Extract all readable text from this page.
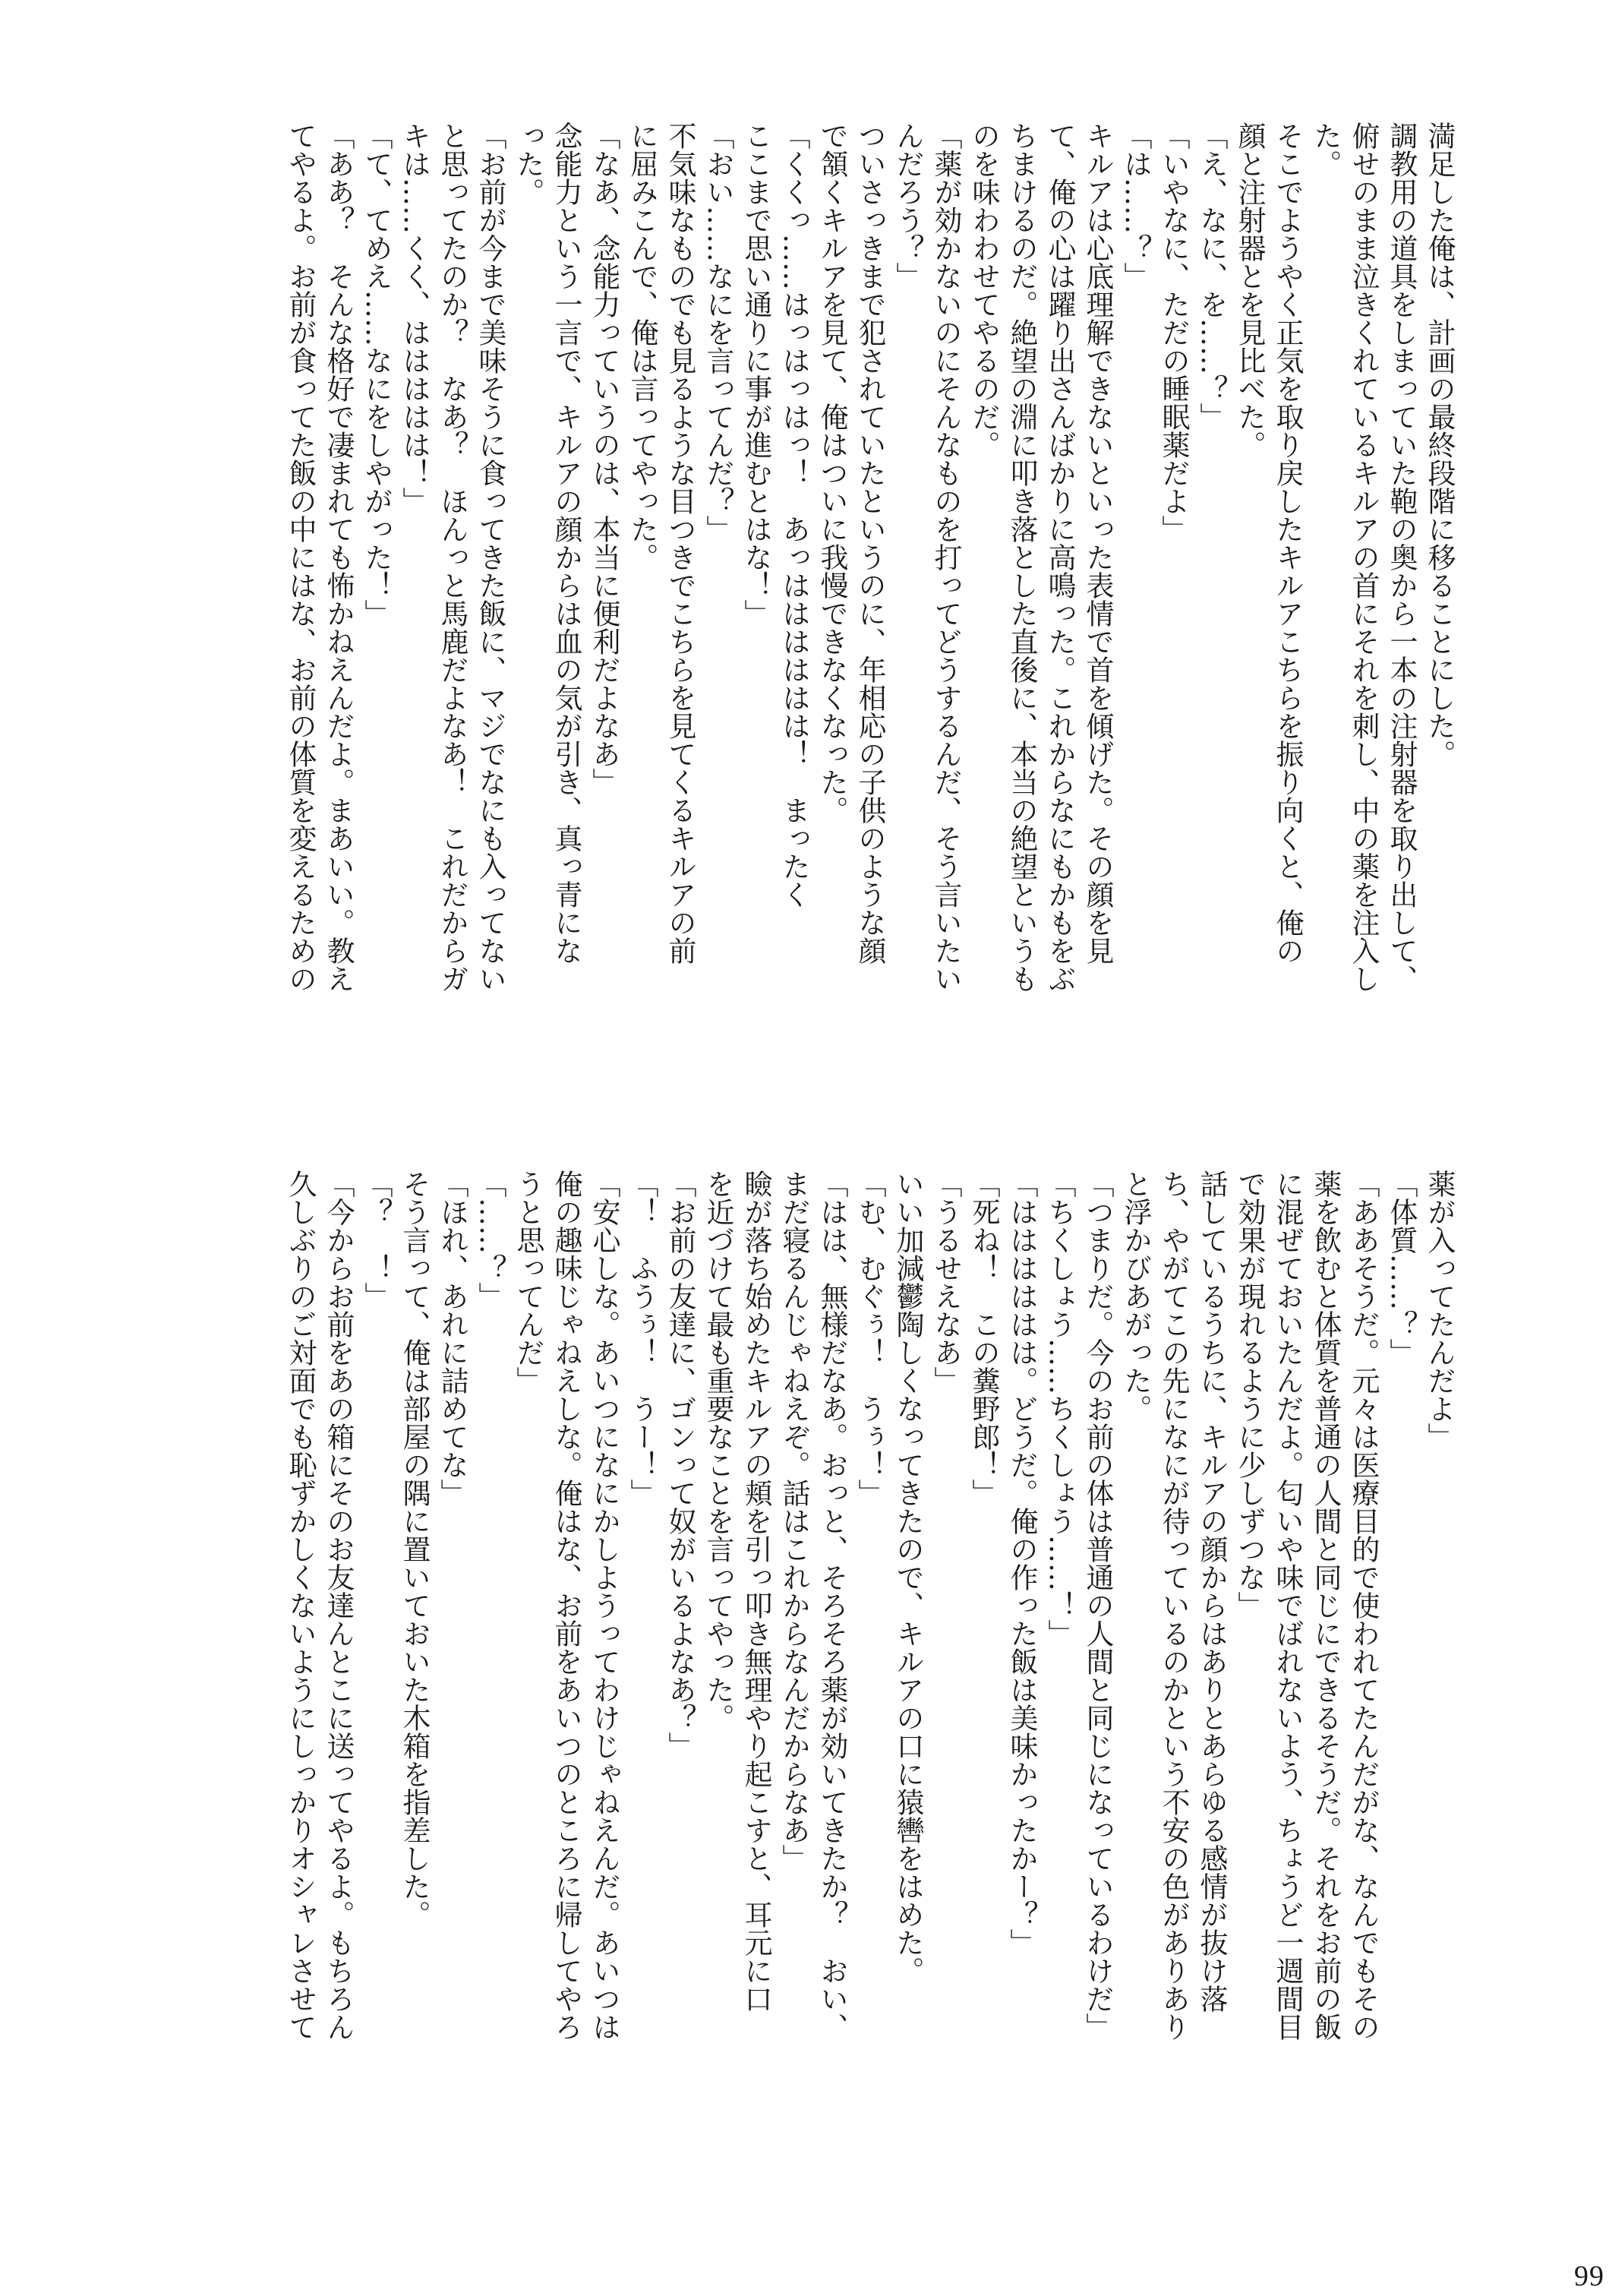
満足した俺は、計画の最終段階に移ることにした。
調教用の道具をしまっていた鞄の奥から一本の注射器を取り出して、
俯せのまま泣きくれているキルアの首にそれを刺し、中の薬を注入し
た。
そこでようやく正気を取り戻したキルアこちらを振り向くと、俺の
顔と注射器とを見比べた。
「え、なに、を……？」
「いやなに、ただの睡眠薬だよ」
「は……？」
キルアは心底理解できないといった表情で首を傾げた。その顔を見
て、俺の心は躍り出さんばかりに高鳴った。これからなにもかもをぶ
ちまけるのだ。絶望の淵に叩き落とした直後に、本当の絶望というも
のを味わわせてやるのだ。
「薬が効かないのにそんなものを打ってどうするんだ、そう言いたい
んだろう？」
ついさっきまで犯されていたというのに、年相応の子供のような顔
で頷くキルアを見て、俺はついに我慢できなくなった。
「くくっ……はっはっはっ！　あっはははははは！　まったく
ここまで思い通りに事が進むとはな！」
「おい……なにを言ってんだ？」
不気味なものでも見るような目つきでこちらを見てくるキルアの前
に屈みこんで、俺は言ってやった。
「なあ、念能力っていうのは、本当に便利だよなあ」
念能力という一言で、キルアの顔からは血の気が引き、真っ青にな
った。
「お前が今まで美味そうに食ってきた飯に、マジでなにも入ってない
と思ってたのか？　なあ？　ほんっと馬鹿だよなあ！　これだからガ
キは……くく、ははははは！」
「て、てめえ……なにをしやがった！」
「ああ？　そんな格好で凄まれても怖かねえんだよ。まあいい。教え
てやるよ。お前が食ってた飯の中にはな、お前の体質を変えるための
薬が入ってたんだよ」
「体質……？」
「ああそうだ。元々は医療目的で使われてたんだがな、なんでもその
薬を飲むと体質を普通の人間と同じにできるそうだ。それをお前の飯
に混ぜておいたんだよ。匂いや味でばれないよう、ちょうど一週間目
で効果が現れるように少しずつな」
話しているうちに、キルアの顔からはありとあらゆる感情が抜け落
ち、やがてこの先になにが待っているのかという不安の色がありあり
と浮かびあがった。
「つまりだ。今のお前の体は普通の人間と同じになっているわけだ」
「ちくしょう……ちくしょう……！」
「はははははは。どうだ。俺の作った飯は美味かったかー？」
「死ね！　この糞野郎！」
「うるせえなあ」
いい加減鬱陶しくなってきたので、キルアの口に猿轡をはめた。
「む、むぐぅ！　うぅ！」
「はは、無様だなあ。おっと、そろそろ薬が効いてきたか？　おい、
まだ寝るんじゃねえぞ。話はこれからなんだからなあ」
瞼が落ち始めたキルアの頬を引っ叩き無理やり起こすと、耳元に口
を近づけて最も重要なことを言ってやった。
「お前の友達に、ゴンって奴がいるよなあ？」
「！　ふうぅ！　うー！」
「安心しな。あいつになにかしようってわけじゃねえんだ。あいつは
俺の趣味じゃねえしな。俺はな、お前をあいつのところに帰してやろ
うと思ってんだ」
「……？」
「ほれ、あれに詰めてな」
そう言って、俺は部屋の隅に置いておいた木箱を指差した。
「？　！」
「今からお前をあの箱にそのお友達んとこに送ってやるよ。もちろん
久しぶりのご対面でも恥ずかしくないようにしっかりオシャレさせて
99
